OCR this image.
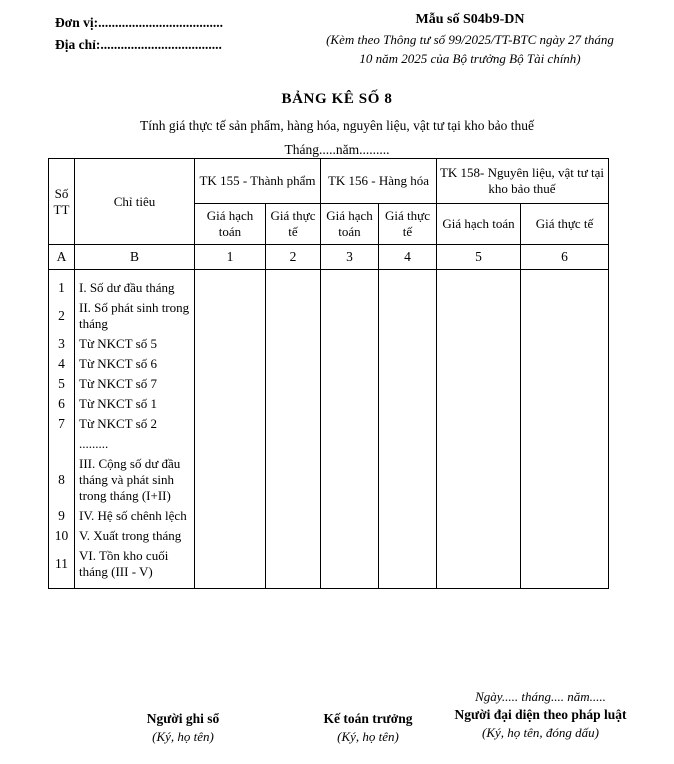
Đơn vị:.....................................
Địa chỉ:....................................
Mẫu số S04b9-DN
(Kèm theo Thông tư số 99/2025/TT-BTC ngày 27 tháng
10 năm 2025 của Bộ trưởng Bộ Tài chính)
BẢNG KÊ SỐ 8
Tính giá thực tế sản phẩm, hàng hóa, nguyên liệu, vật tư tại kho bảo thuế
Tháng.....năm.........
Số TT	Chỉ tiêu	TK 155 - Thành phẩm		TK 156 - Hàng hóa		TK 158- Nguyên liệu, vật tư tại kho bảo thuế	

		Giá hạch toán	Giá thực tế	Giá hạch toán	Giá thực tế	Giá hạch toán	Giá thực tế
A	B	1	2	3	4	5	6

1	I. Số dư đầu tháng						
2	II. Số phát sinh trong tháng						
3	Từ NKCT số 5						
4	Từ NKCT số 6						
5	Từ NKCT số 7						
6	Từ NKCT số 1						
7	Từ NKCT số 2						
	.........						
8	III. Cộng số dư đầu tháng và phát sinh trong tháng (I+II)						
9	IV. Hệ số chênh lệch						
10	V. Xuất trong tháng						
11	VI. Tồn kho cuối tháng (III - V)						

Người ghi sổ
(Ký, họ tên)
Kế toán trưởng
(Ký, họ tên)
Ngày..... tháng.... năm.....
Người đại diện theo pháp luật
(Ký, họ tên, đóng dấu)
